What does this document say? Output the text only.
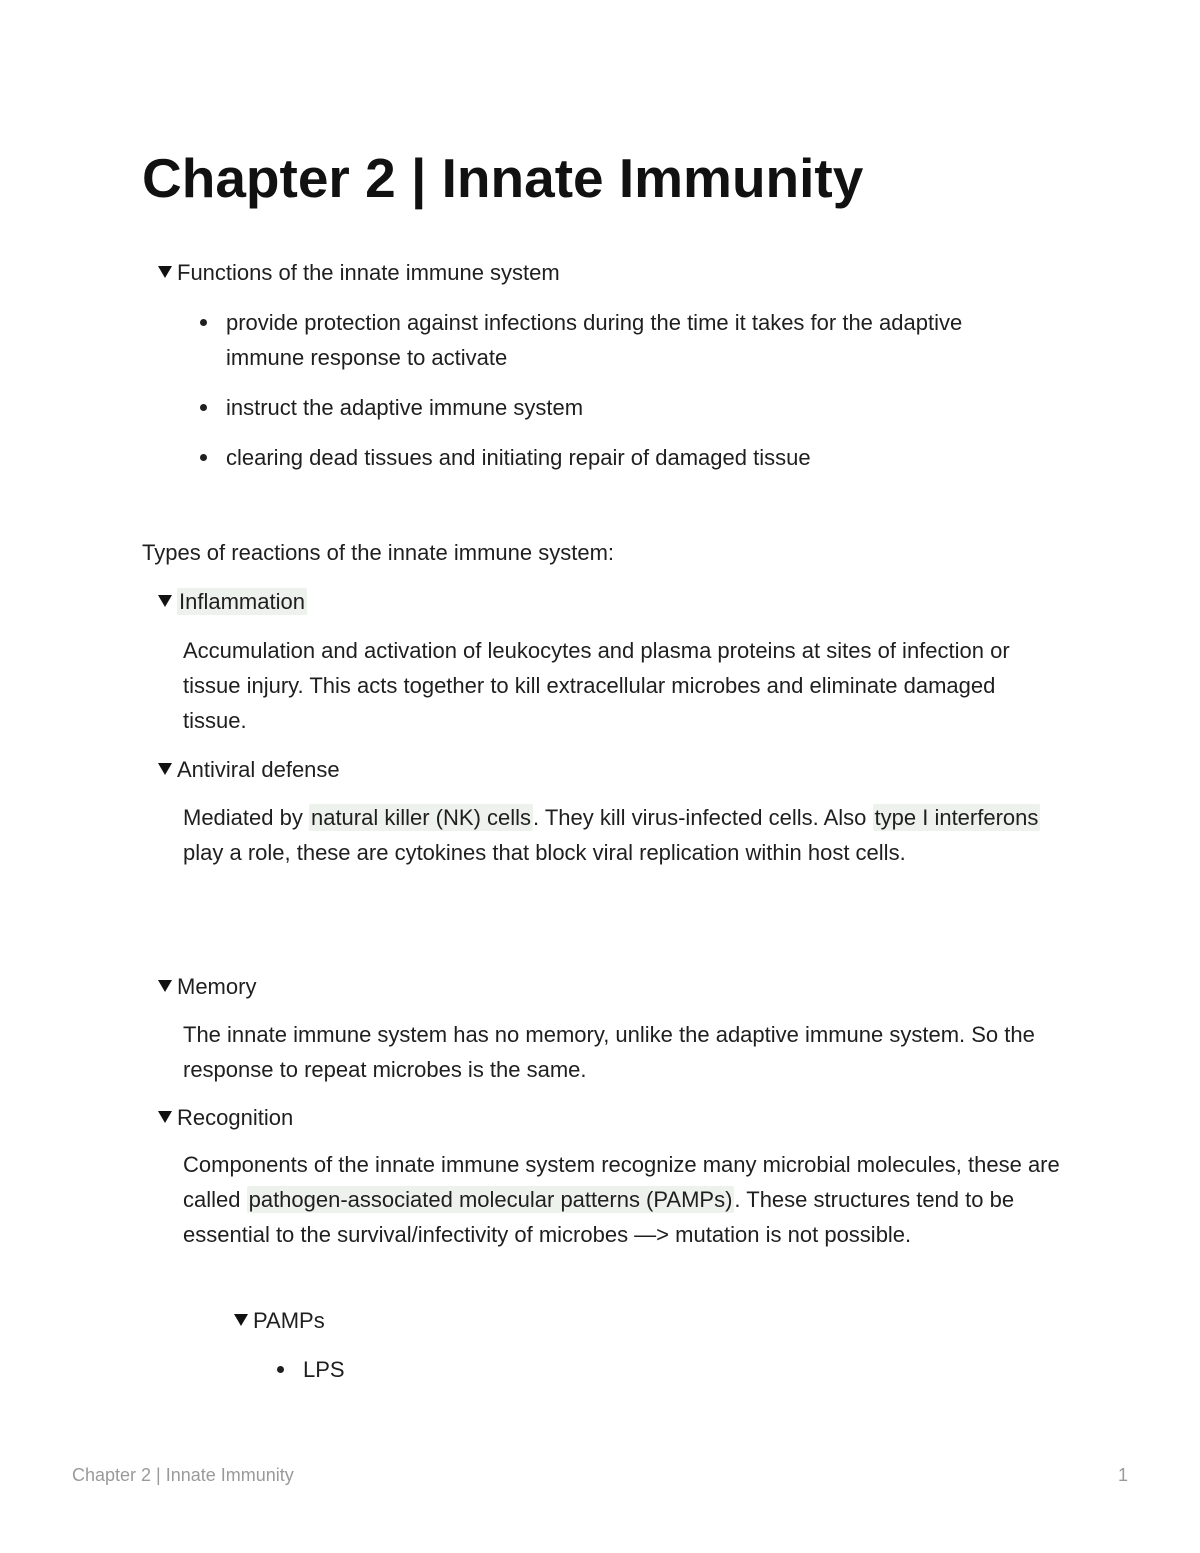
Chapter 2 | Innate Immunity
Functions of the innate immune system
provide protection against infections during the time it takes for the adaptive immune response to activate
instruct the adaptive immune system
clearing dead tissues and initiating repair of damaged tissue

Types of reactions of the innate immune system:

Inflammation

Accumulation and activation of leukocytes and plasma proteins at sites of infection or tissue injury. This acts together to kill extracellular microbes and eliminate damaged tissue.

Antiviral defense

Mediated by natural killer (NK) cells. They kill virus-infected cells. Also type I interferons play a role, these are cytokines that block viral replication within host cells.

Memory

The innate immune system has no memory, unlike the adaptive immune system. So the response to repeat microbes is the same.

Recognition

Components of the innate immune system recognize many microbial molecules, these are called pathogen-associated molecular patterns (PAMPs). These structures tend to be essential to the survival/infectivity of microbes —> mutation is not possible.

PAMPs
LPS
Chapter 2 | Innate Immunity	1
